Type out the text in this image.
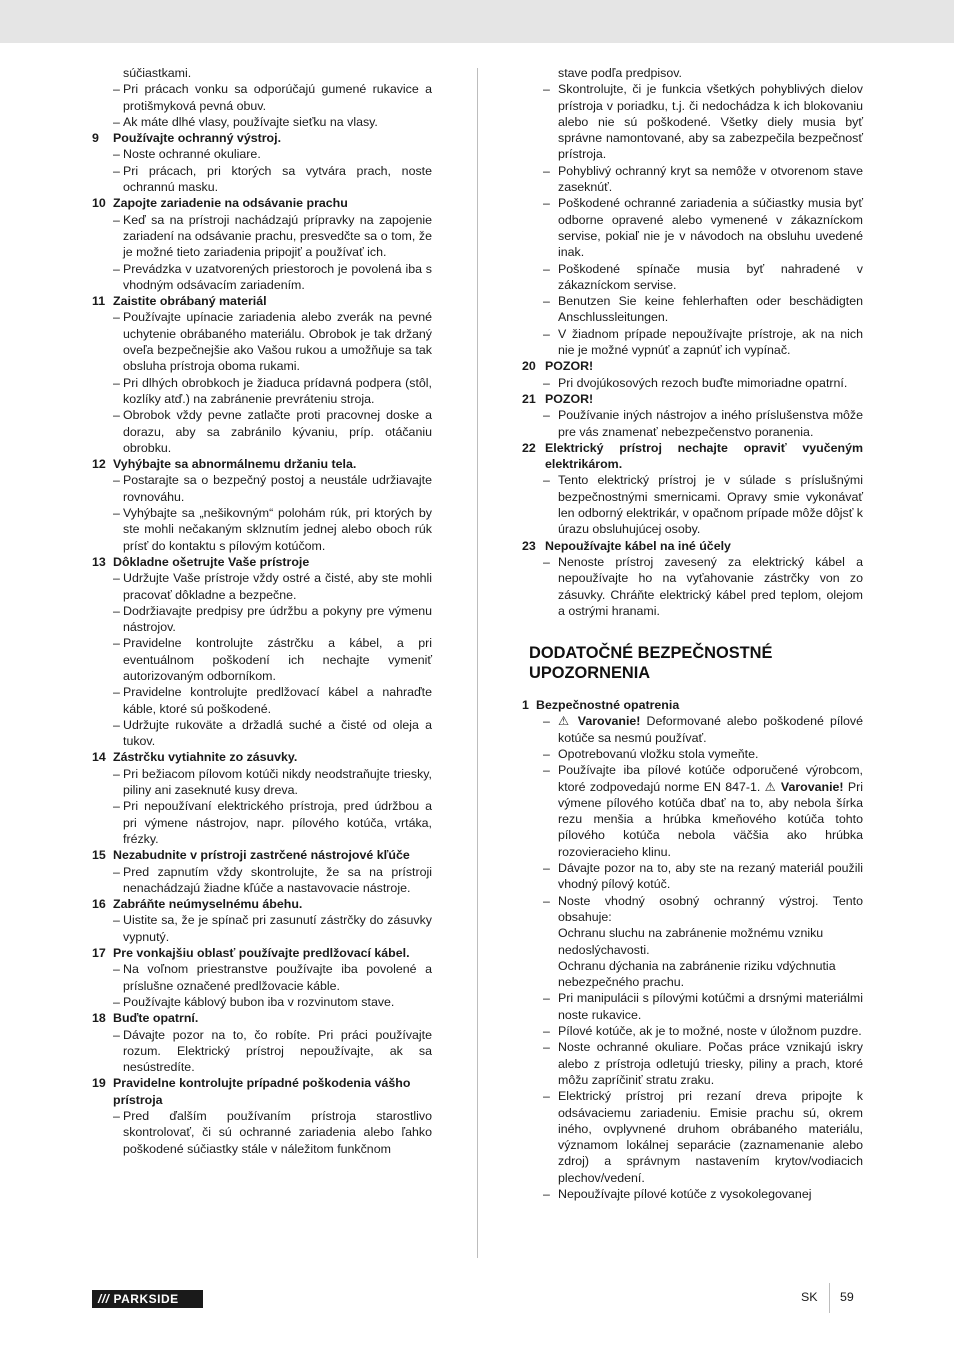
súčiastkami.
– Pri prácach vonku sa odporúčajú gumené rukavice a protišmyková pevná obuv.
– Ak máte dlhé vlasy, používajte sieťku na vlasy.
9 Používajte ochranný výstroj.
– Noste ochranné okuliare.
– Pri prácach, pri ktorých sa vytvára prach, noste ochrannú masku.
10 Zapojte zariadenie na odsávanie prachu
– Keď sa na prístroji nachádzajú prípravky na zapojenie zariadení na odsávanie prachu, presvedčte sa o tom, že je možné tieto zariadenia pripojiť a používať ich.
– Prevádzka v uzatvorených priestoroch je povolená iba s vhodným odsávacím zariadením.
11 Zaistite obrábaný materiál
– Používajte upínacie zariadenia alebo zverák na pevné uchytenie obrábaného materiálu. Obrobok je tak držaný oveľa bezpečnejšie ako Vašou rukou a umožňuje sa tak obsluha prístroja oboma rukami.
– Pri dlhých obrobkoch je žiaduca prídavná podpera (stôl, kozlíky atď.) na zabránenie prevráteniu stroja.
– Obrobok vždy pevne zatlačte proti pracovnej doske a dorazu, aby sa zabránilo kývaniu, príp. otáčaniu obrobku.
12 Vyhýbajte sa abnormálnemu držaniu tela.
– Postarajte sa o bezpečný postoj a neustále udržiavajte rovnováhu.
– Vyhýbajte sa „nešikovným“ polohám rúk, pri ktorých by ste mohli nečakaným sklznutím jednej alebo oboch rúk prísť do kontaktu s pílovým kotúčom.
13 Dôkladne ošetrujte Vaše prístroje
– Udržujte Vaše prístroje vždy ostré a čisté, aby ste mohli pracovať dôkladne a bezpečne.
– Dodržiavajte predpisy pre údržbu a pokyny pre výmenu nástrojov.
– Pravidelne kontrolujte zástrčku a kábel, a pri eventuálnom poškodení ich nechajte vymeniť autorizovaným odborníkom.
– Pravidelne kontrolujte predlžovací kábel a nahraďte káble, ktoré sú poškodené.
– Udržujte rukoväte a držadlá suché a čisté od oleja a tukov.
14 Zástrčku vytiahnite zo zásuvky.
– Pri bežiacom pílovom kotúči nikdy neodstraňujte triesky, piliny ani zaseknuté kusy dreva.
– Pri nepoužívaní elektrického prístroja, pred údržbou a pri výmene nástrojov, napr. pílového kotúča, vrtáka, frézky.
15 Nezabudnite v prístroji zastrčené nástrojové kľúče
– Pred zapnutím vždy skontrolujte, že sa na prístroji nenachádzajú žiadne kľúče a nastavovacie nástroje.
16 Zabráňte neúmyselnému ábehu.
– Uistite sa, že je spínač pri zasunutí zástrčky do zásuvky vypnutý.
17 Pre vonkajšiu oblasť používajte predlžovací kábel.
– Na voľnom priestranstve používajte iba povolené a príslušne označené predlžovacie káble.
– Používajte káblový bubon iba v rozvinutom stave.
18 Buďte opatrní.
– Dávajte pozor na to, čo robíte. Pri práci používajte rozum. Elektrický prístroj nepoužívajte, ak sa nesústredíte.
19 Pravidelne kontrolujte prípadné poškodenia vášho prístroja
– Pred ďalším používaním prístroja starostlivo skontrolovať, či sú ochranné zariadenia alebo ľahko poškodené súčiastky stále v náležitom funkčnom
stave podľa predpisov.
– Skontrolujte, či je funkcia všetkých pohyblivých dielov prístroja v poriadku, t.j. či nedochádza k ich blokovaniu alebo nie sú poškodené. Všetky diely musia byť správne namontované, aby sa zabezpečila bezpečnosť prístroja.
– Pohyblivý ochranný kryt sa nemôže v otvorenom stave zaseknúť.
– Poškodené ochranné zariadenia a súčiastky musia byť odborne opravené alebo vymenené v zákazníckom servise, pokiaľ nie je v návodoch na obsluhu uvedené inak.
– Poškodené spínače musia byť nahradené v zákazníckom servise.
– Benutzen Sie keine fehlerhaften oder beschädigten Anschlussleitungen.
– V žiadnom prípade nepoužívajte prístroje, ak na nich nie je možné vypnúť a zapnúť ich vypínač.
20 POZOR!
– Pri dvojúkosových rezoch buďte mimoriadne opatrní.
21 POZOR!
– Používanie iných nástrojov a iného príslušenstva môže pre vás znamenať nebezpečenstvo poranenia.
22 Elektrický prístroj nechajte opraviť vyučeným elektrikárom.
– Tento elektrický prístroj je v súlade s príslušnými bezpečnostnými smernicami. Opravy smie vykonávať len odborný elektrikár, v opačnom prípade môže dôjsť k úrazu obsluhujúcej osoby.
23 Nepoužívajte kábel na iné účely
– Nenoste prístroj zavesený za elektrický kábel a nepoužívajte ho na vyťahovanie zástrčky von zo zásuvky. Chráňte elektrický kábel pred teplom, olejom a ostrými hranami.
DODATOČNÉ BEZPEČNOSTNÉ UPOZORNENIA
1 Bezpečnostné opatrenia
– ⚠ Varovanie! Deformované alebo poškodené pílové kotúče sa nesmú používať.
– Opotrebovanú vložku stola vymeňte.
– Používajte iba pílové kotúče odporučené výrobcom, ktoré zodpovedajú norme EN 847-1. ⚠ Varovanie! Pri výmene pílového kotúča dbať na to, aby nebola šírka rezu menšia a hrúbka kmeňového kotúča tohto pílového kotúča nebola väčšia ako hrúbka rozovieracieho klinu.
– Dávajte pozor na to, aby ste na rezaný materiál použili vhodný pílový kotúč.
– Noste vhodný osobný ochranný výstroj. Tento obsahuje:
Ochranu sluchu na zabránenie možnému vzniku nedoslýchavosti.
Ochranu dýchania na zabránenie riziku vdýchnutia nebezpečného prachu.
– Pri manipulácii s pílovými kotúčmi a drsnými materiálmi noste rukavice.
– Pílové kotúče, ak je to možné, noste v úložnom puzdre.
– Noste ochranné okuliare. Počas práce vznikajú iskry alebo z prístroja odletujú triesky, piliny a prach, ktoré môžu zapríčiniť stratu zraku.
– Elektrický prístroj pri rezaní dreva pripojte k odsávaciemu zariadeniu. Emisie prachu sú, okrem iného, ovplyvnené druhom obrábaného materiálu, významom lokálnej separácie (zaznamenanie alebo zdroj) a správnym nastavením krytov/vodiacich plechov/vedení.
– Nepoužívajte pílové kotúče z vysokolegovanej
/// PARKSIDE	SK 59
